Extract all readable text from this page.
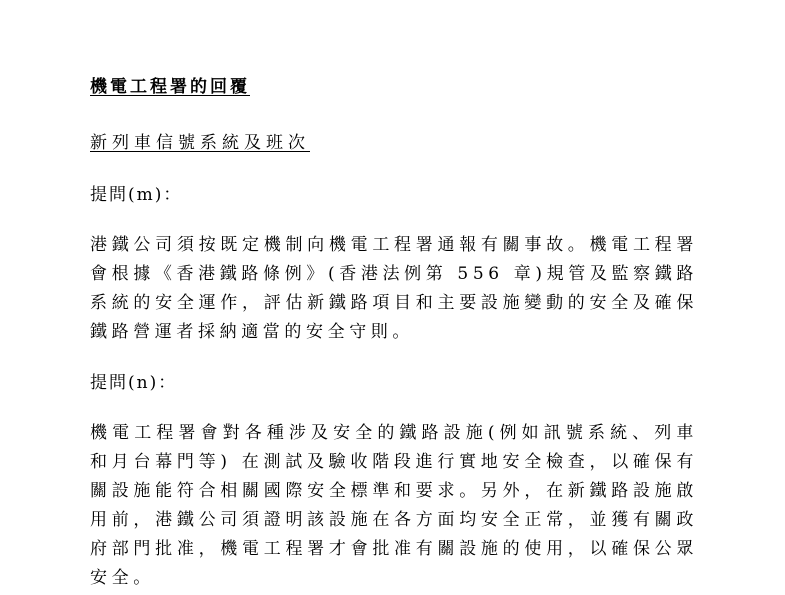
機電工程署的回覆
新列車信號系統及班次
提問(m)：
港鐵公司須按既定機制向機電工程署通報有關事故。機電工程署會根據《香港鐵路條例》(香港法例第 556 章)規管及監察鐵路系統的安全運作，評估新鐵路項目和主要設施變動的安全及確保鐵路營運者採納適當的安全守則。
提問(n)：
機電工程署會對各種涉及安全的鐵路設施(例如訊號系統、列車和月台幕門等) 在測試及驗收階段進行實地安全檢查，以確保有關設施能符合相關國際安全標準和要求。另外，在新鐵路設施啟用前，港鐵公司須證明該設施在各方面均安全正常，並獲有關政府部門批准，機電工程署才會批准有關設施的使用，以確保公眾安全。
